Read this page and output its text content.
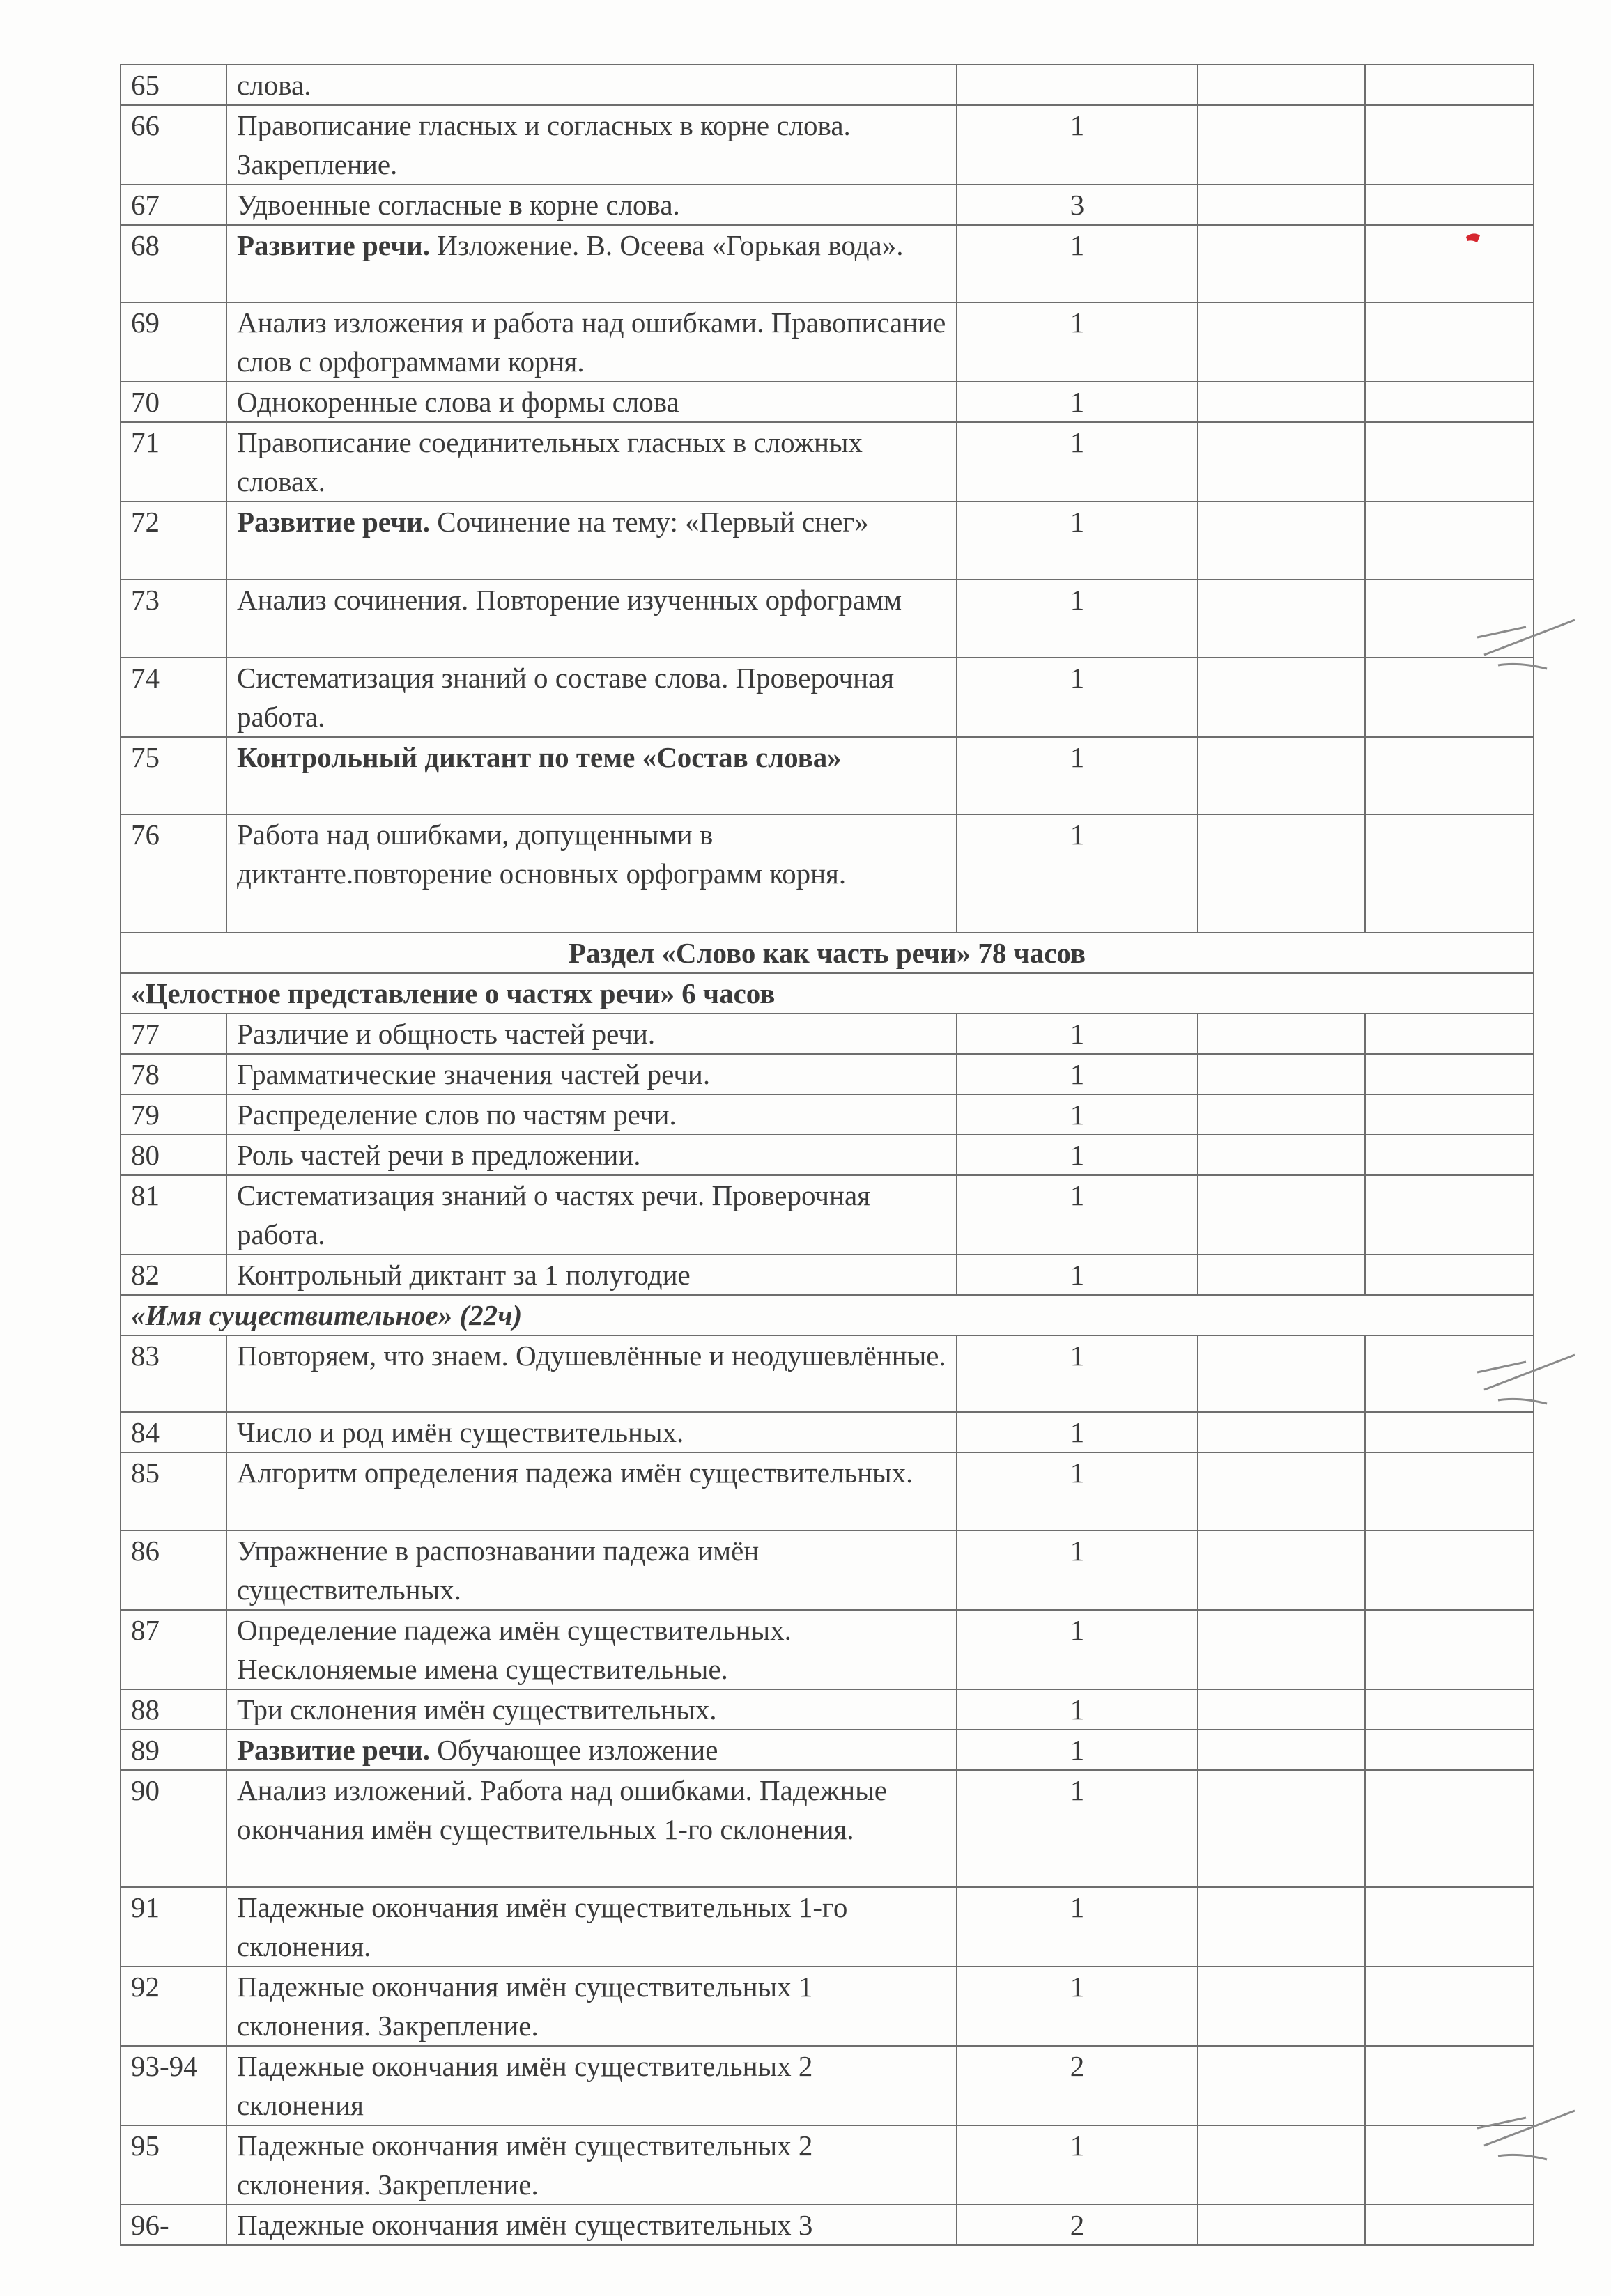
65	слова.			
66	Правописание гласных и согласных в корне слова. Закрепление.	1		
67	Удвоенные согласные в корне слова.	3		
68	Развитие речи. Изложение. В. Осеева «Горькая вода».	1		
69	Анализ изложения и работа над ошибками. Правописание слов с орфограммами корня.	1		
70	Однокоренные слова и формы слова	1		
71	Правописание соединительных гласных в сложных словах.	1		
72	Развитие речи. Сочинение на тему: «Первый снег»	1		
73	Анализ сочинения. Повторение изученных орфограмм	1		
74	Систематизация знаний о составе слова. Проверочная работа.	1		
75	Контрольный диктант по теме «Состав слова»	1		
76	Работа над ошибками, допущенными в диктанте.повторение основных орфограмм корня.	1		
Раздел «Слово как часть речи» 78 часов				
«Целостное представление о частях речи» 6 часов				
77	Различие и общность частей речи.	1		
78	Грамматические значения частей речи.	1		
79	Распределение слов по частям речи.	1		
80	Роль частей речи в предложении.	1		
81	Систематизация знаний о частях речи. Проверочная работа.	1		
82	Контрольный диктант за 1 полугодие	1		
«Имя существительное» (22ч)				
83	Повторяем, что знаем. Одушевлённые и неодушевлённые.	1		
84	Число и род имён существительных.	1		
85	Алгоритм определения падежа имён существительных.	1		
86	Упражнение в распознавании падежа имён существительных.	1		
87	Определение падежа имён существительных. Несклоняемые имена существительные.	1		
88	Три склонения имён существительных.	1		
89	Развитие речи. Обучающее изложение	1		
90	Анализ изложений. Работа над ошибками. Падежные окончания имён существительных 1-го склонения.	1		
91	Падежные окончания имён существительных 1-го склонения.	1		
92	Падежные окончания имён существительных 1 склонения. Закрепление.	1		
93-94	Падежные окончания имён существительных 2 склонения	2		
95	Падежные окончания имён существительных 2 склонения. Закрепление.	1		
96-	Падежные окончания имён существительных 3	2		
